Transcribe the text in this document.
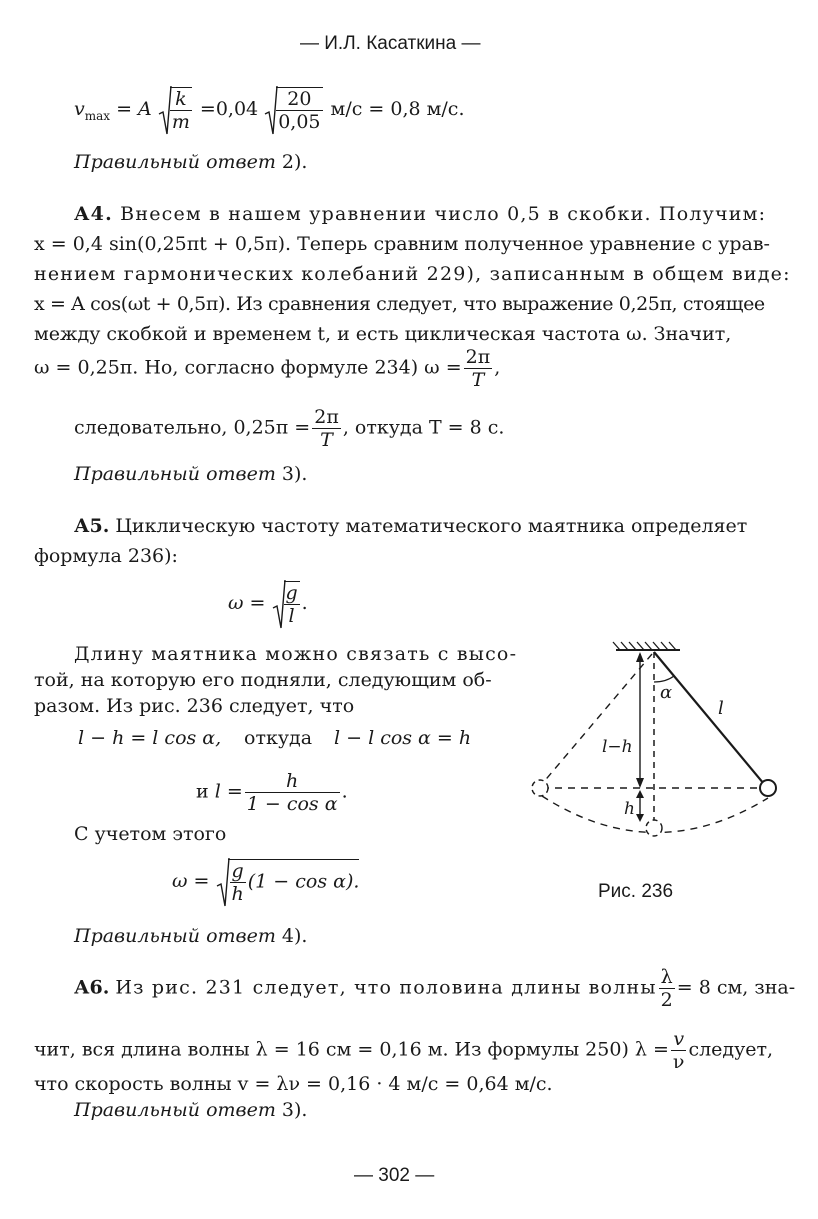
— И.Л. Касаткина —
$v_{max} = A \frac{k}{m} =0,04 \frac{20}{0,05} м/с = 0,8$ м/с.
Правильный ответ 2).
А4. Внесем в нашем уравнении число 0,5 в скобки. Получим:
x = 0,4 sin(0,25πt + 0,5π). Теперь сравним полученное уравнение с урав-
нением гармонических колебаний 229), записанным в общем виде:
x = A cos(ωt + 0,5π). Из сравнения следует, что выражение 0,25π, стоящее
между скобкой и временем t, и есть циклическая частота ω. Значит,
ω = 0,25π. Но, согласно формуле 234) $\omega = \frac{2\pi}{T}$ ,
следовательно, $0,25\pi = \frac{2\pi}{T}$ , откуда T = 8 с.
Правильный ответ 3).
А5. Циклическую частоту математического маятника определяет
формула 236):
$\omega = \frac{g}{l}$ .
Длину маятника можно связать с высо-
той, на которую его подняли, следующим об-
разом. Из рис. 236 следует, что
l − h = l cos α, откуда l − l cos α = h
и $l = \frac{h}{\text{1 − cos α}}$ .
С учетом этого
$\omega = \frac{g}{h} (1 - \cos \alpha)$.
Правильный ответ 4).
α
l
l−h
h
Рис. 236
А6. Из рис. 231 следует, что половина длины волны $\frac{\lambda}{2} = 8$ см, зна-
чит, вся длина волны λ = 16 см = 0,16 м. Из формулы 250) $\lambda = \frac{v}{\nu}$ следует,
что скорость волны v = λν = 0,16 · 4 м/с = 0,64 м/с.
Правильный ответ 3).
— 302 —
